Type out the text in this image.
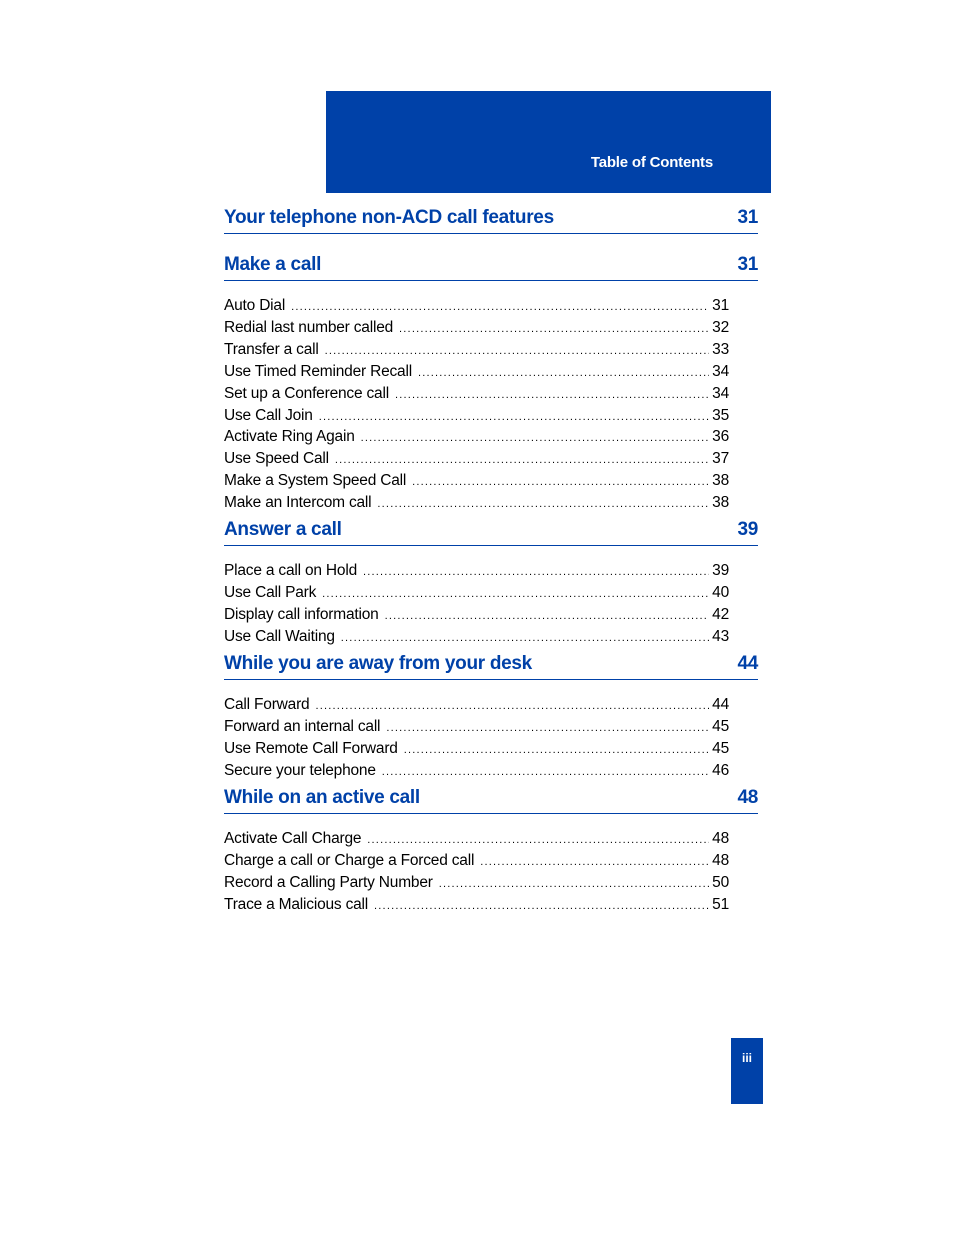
Table of Contents
Your telephone non-ACD call features	31
Make a call	31
Auto Dial .....	31
Redial last number called .....	32
Transfer a call .....	33
Use Timed Reminder Recall .....	34
Set up a Conference call .....	34
Use Call Join .....	35
Activate Ring Again .....	36
Use Speed Call .....	37
Make a System Speed Call .....	38
Make an Intercom call .....	38
Answer a call	39
Place a call on Hold .....	39
Use Call Park .....	40
Display call information .....	42
Use Call Waiting .....	43
While you are away from your desk	44
Call Forward .....	44
Forward an internal call .....	45
Use Remote Call Forward .....	45
Secure your telephone .....	46
While on an active call	48
Activate Call Charge .....	48
Charge a call or Charge a Forced call .....	48
Record a Calling Party Number .....	50
Trace a Malicious call .....	51
iii
